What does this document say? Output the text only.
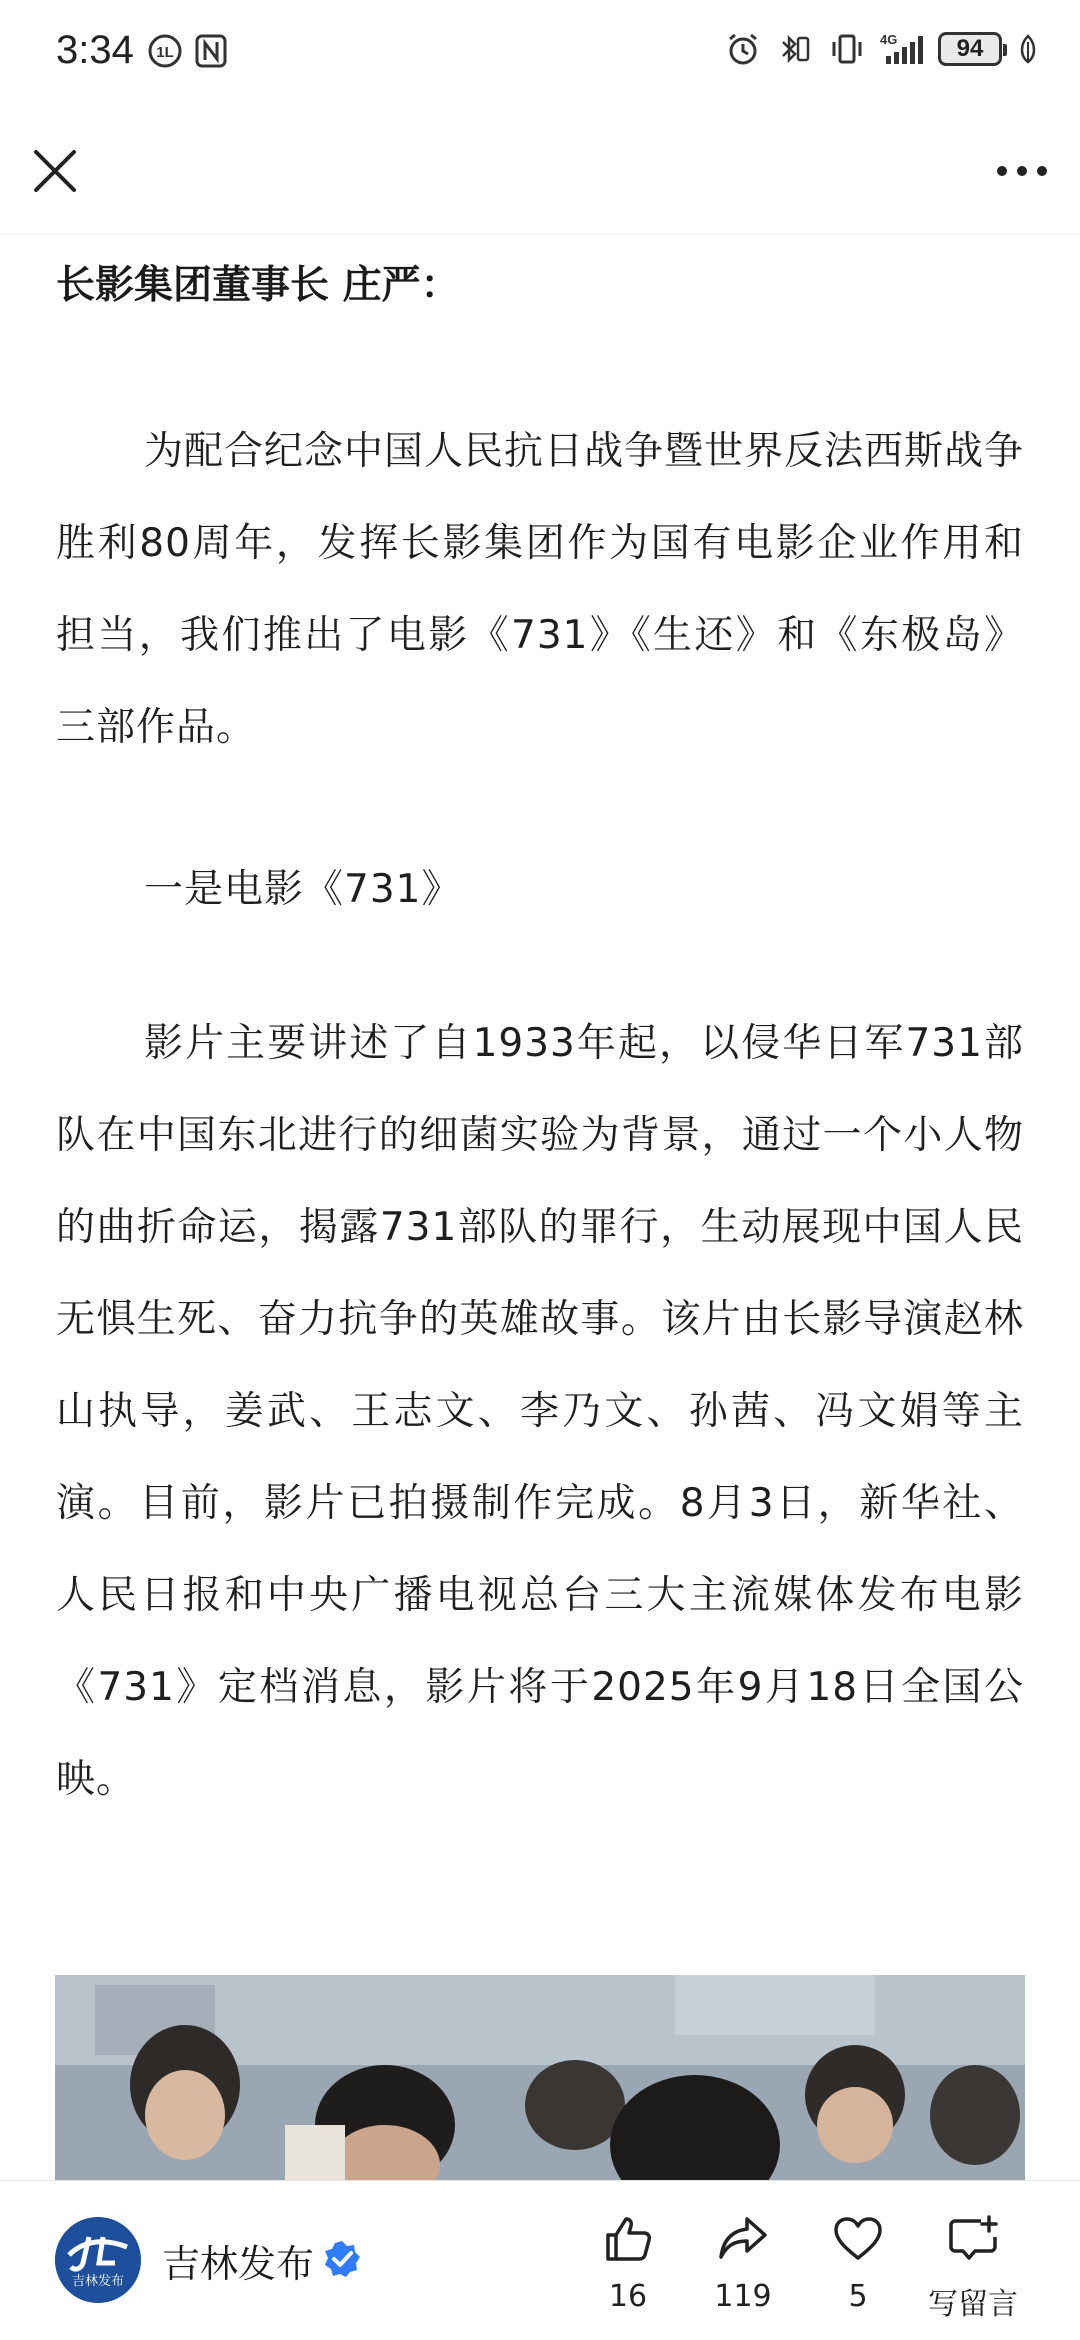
3:34 1L
4G	94

长影集团董事长 庄严：

为配合纪念中国人民抗日战争暨世界反法西斯战争胜利80周年，发挥长影集团作为国有电影企业作用和担当，我们推出了电影《731》《生还》和《东极岛》三部作品。

一是电影《731》

影片主要讲述了自1933年起，以侵华日军731部队在中国东北进行的细菌实验为背景，通过一个小人物的曲折命运，揭露731部队的罪行，生动展现中国人民无惧生死、奋力抗争的英雄故事。该片由长影导演赵林山执导，姜武、王志文、李乃文、孙茜、冯文娟等主演。目前，影片已拍摄制作完成。8月3日，新华社、人民日报和中央广播电视总台三大主流媒体发布电影《731》定档消息，影片将于2025年9月18日全国公映。

吉林发布 吉林发布
16	119	5	写留言
